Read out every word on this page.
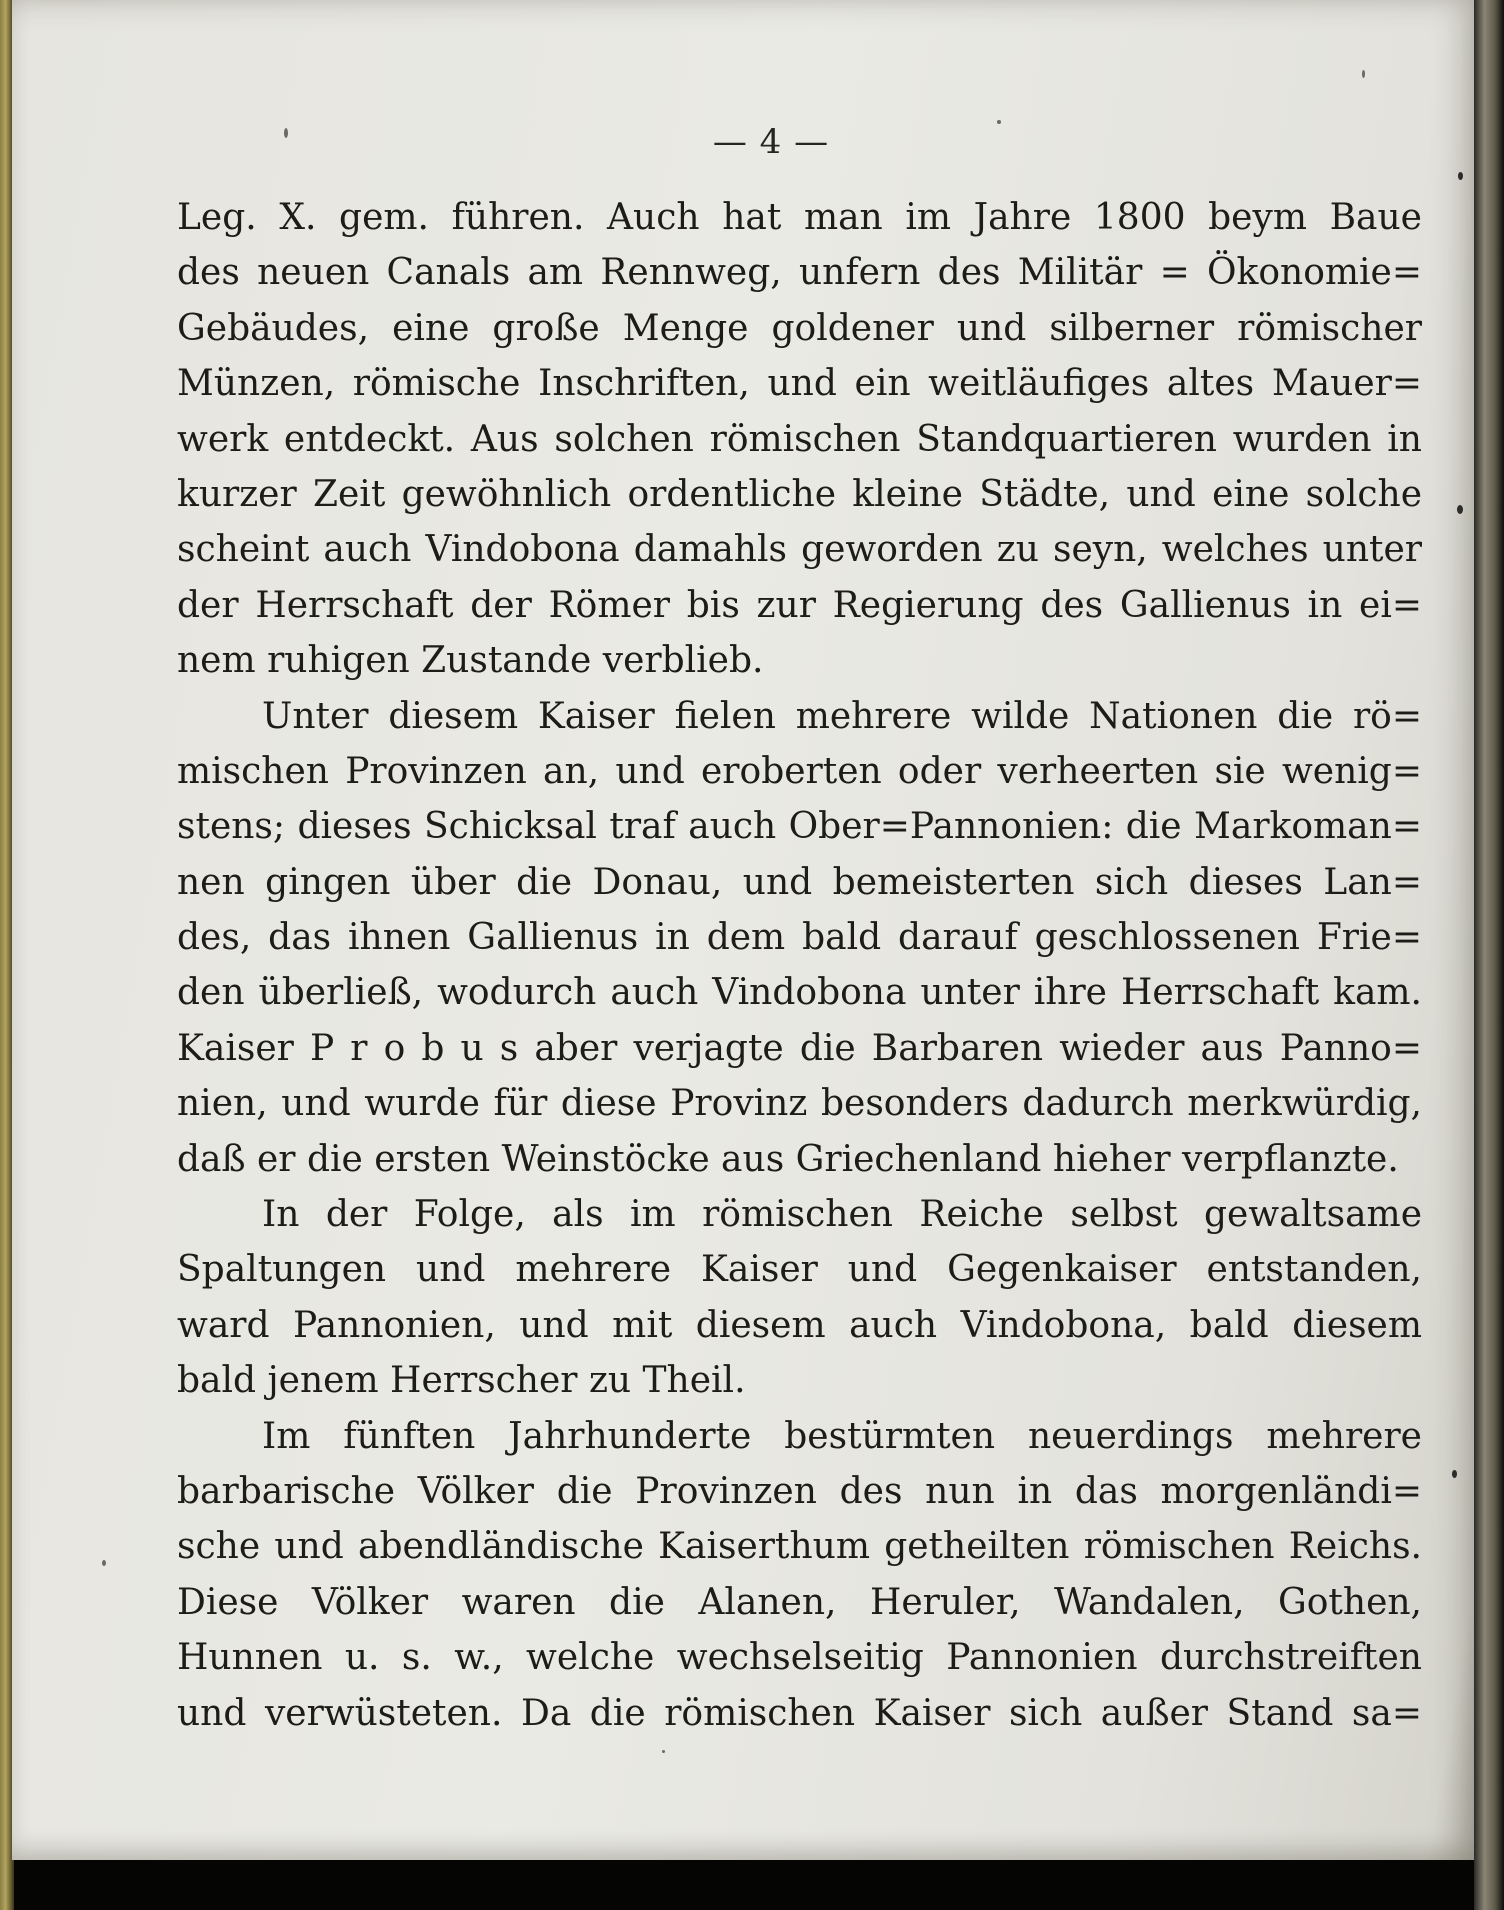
— 4 —
Leg. X. gem. führen. Auch hat man im Jahre 1800 beym Baue
des neuen Canals am Rennweg, unfern des Militär = Ökonomie=
Gebäudes, eine große Menge goldener und silberner römischer
Münzen, römische Inschriften, und ein weitläufiges altes Mauer=
werk entdeckt. Aus solchen römischen Standquartieren wurden in
kurzer Zeit gewöhnlich ordentliche kleine Städte, und eine solche
scheint auch Vindobona damahls geworden zu seyn, welches unter
der Herrschaft der Römer bis zur Regierung des Gallienus in ei=
nem ruhigen Zustande verblieb.
Unter diesem Kaiser fielen mehrere wilde Nationen die rö=
mischen Provinzen an, und eroberten oder verheerten sie wenig=
stens; dieses Schicksal traf auch Ober=Pannonien: die Markoman=
nen gingen über die Donau, und bemeisterten sich dieses Lan=
des, das ihnen Gallienus in dem bald darauf geschlossenen Frie=
den überließ, wodurch auch Vindobona unter ihre Herrschaft kam.
Kaiser P r o b u s aber verjagte die Barbaren wieder aus Panno=
nien, und wurde für diese Provinz besonders dadurch merkwürdig,
daß er die ersten Weinstöcke aus Griechenland hieher verpflanzte.
In der Folge, als im römischen Reiche selbst gewaltsame
Spaltungen und mehrere Kaiser und Gegenkaiser entstanden,
ward Pannonien, und mit diesem auch Vindobona, bald diesem
bald jenem Herrscher zu Theil.
Im fünften Jahrhunderte bestürmten neuerdings mehrere
barbarische Völker die Provinzen des nun in das morgenländi=
sche und abendländische Kaiserthum getheilten römischen Reichs.
Diese Völker waren die Alanen, Heruler, Wandalen, Gothen,
Hunnen u. s. w., welche wechselseitig Pannonien durchstreiften
und verwüsteten. Da die römischen Kaiser sich außer Stand sa=
